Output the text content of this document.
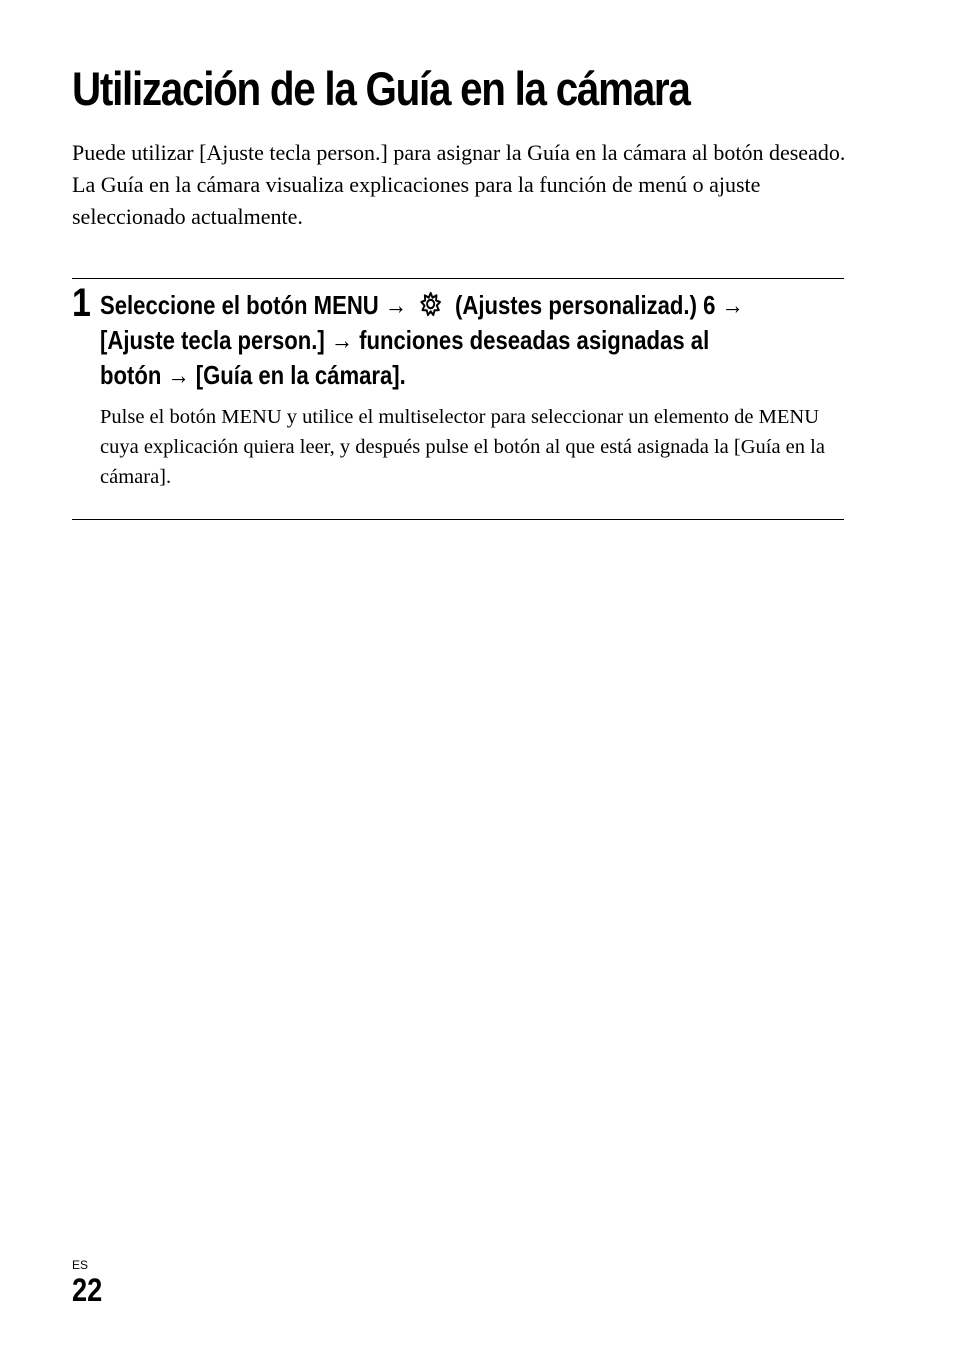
Utilización de la Guía en la cámara

Puede utilizar [Ajuste tecla person.] para asignar la Guía en la cámara al botón deseado.

La Guía en la cámara visualiza explicaciones para la función de menú o ajuste seleccionado actualmente.

1 Seleccione el botón MENU → (Ajustes personalizad.) 6 →
[Ajuste tecla person.] → funciones deseadas asignadas al
botón → [Guía en la cámara].
Pulse el botón MENU y utilice el multiselector para seleccionar un elemento de MENU cuya explicación quiera leer, y después pulse el botón al que está asignada la [Guía en la cámara].
ES
22
